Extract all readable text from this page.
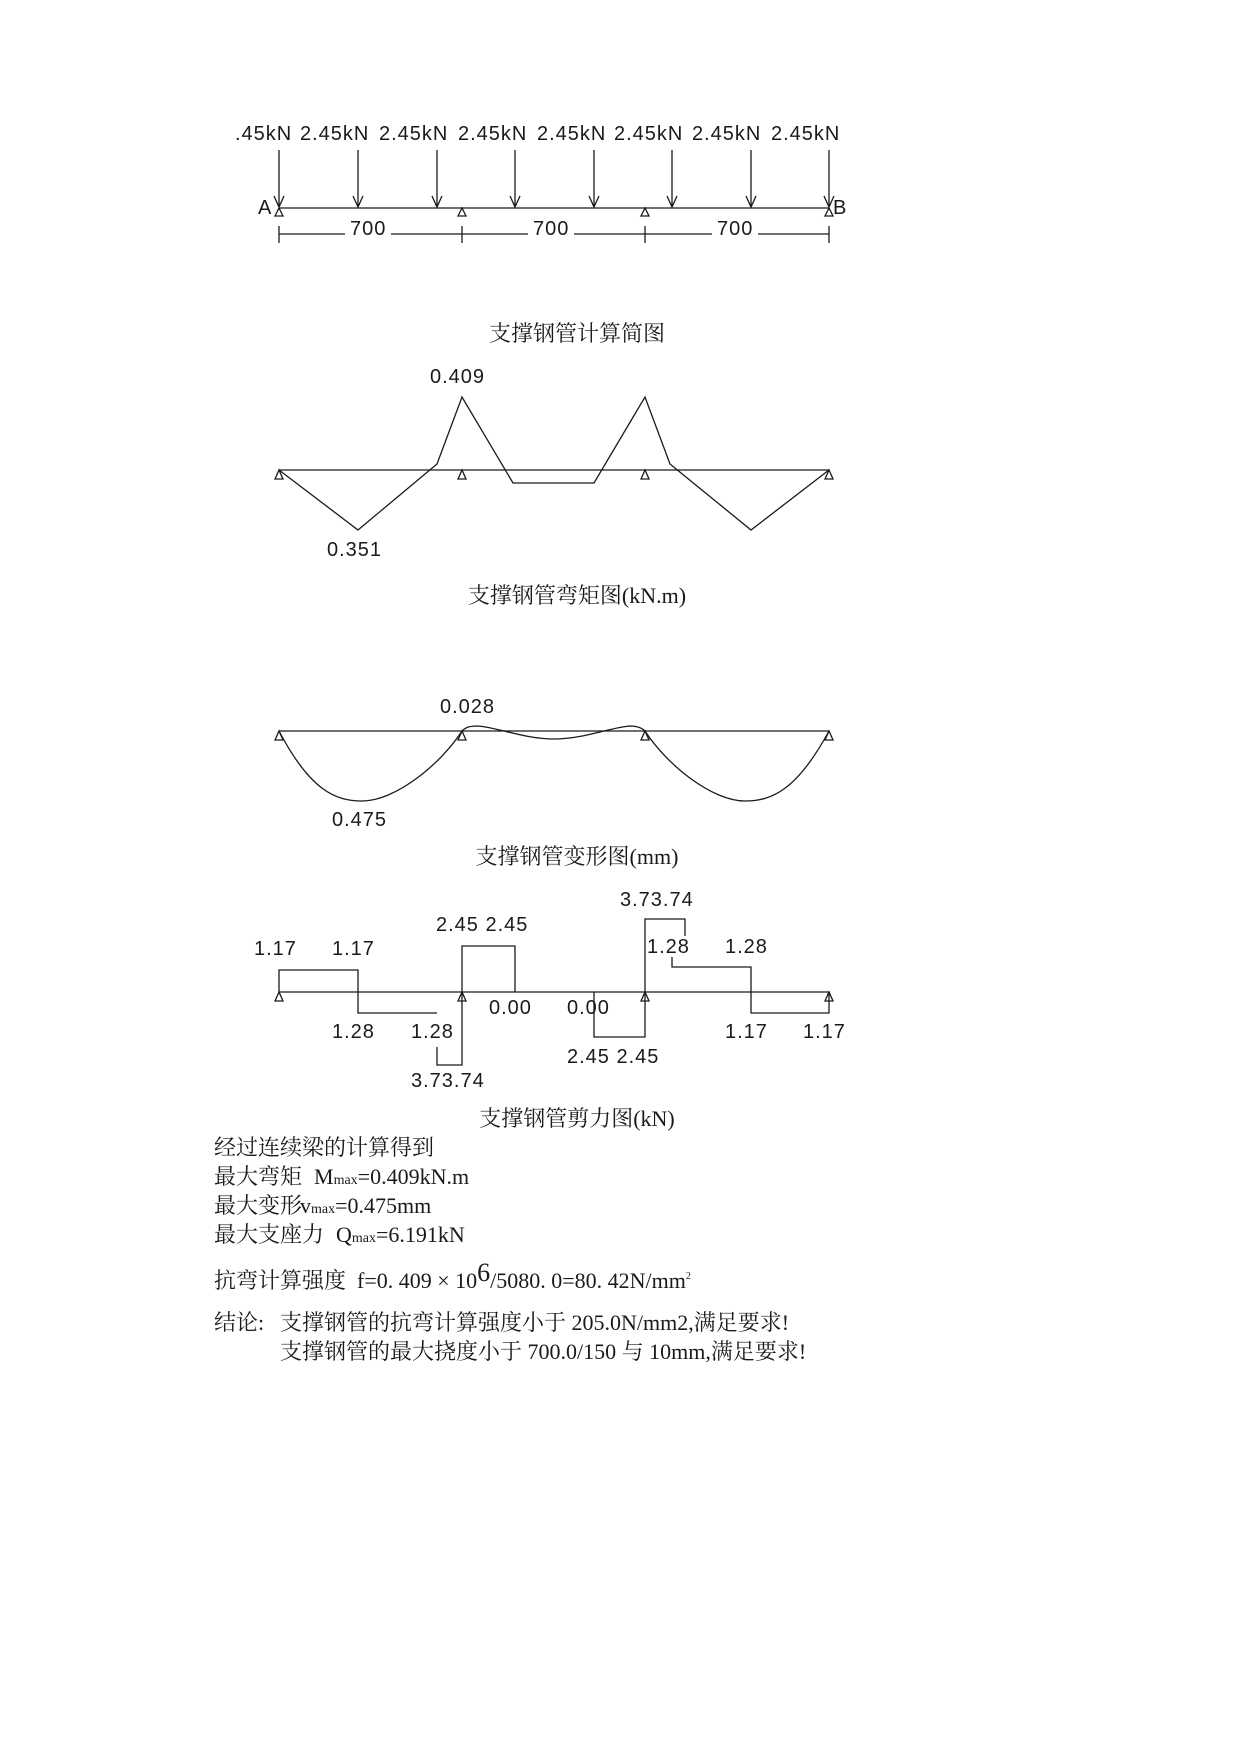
.45kN 2.45kN 2.45kN 2.45kN 2.45kN 2.45kN 2.45kN 2.45kN
A	B
700	700	700
0.409
0.351
0.028
0.475
1.17 1.17
2.45 2.45
3.73.74
1.28 1.28
0.00 0.00
1.28 1.28	1.17 1.17
2.45 2.45
3.73.74
支撑钢管计算简图
支撑钢管弯矩图(kN.m)
支撑钢管变形图(mm)
支撑钢管剪力图(kN)
经过连续梁的计算得到
最大弯矩 M max =0.409kN.m
最大变形
v max =0.475mm
最大支座力 Q max =6.191kN
抗弯计算强度 f=0. 409 × 10 6 /5080. 0=80. 42N/mm 2
结论: 支撑钢管的抗弯计算强度小于 205.0N/mm2,满足要求!
支撑钢管的最大挠度小于 700.0/150 与 10mm,满足要求!
